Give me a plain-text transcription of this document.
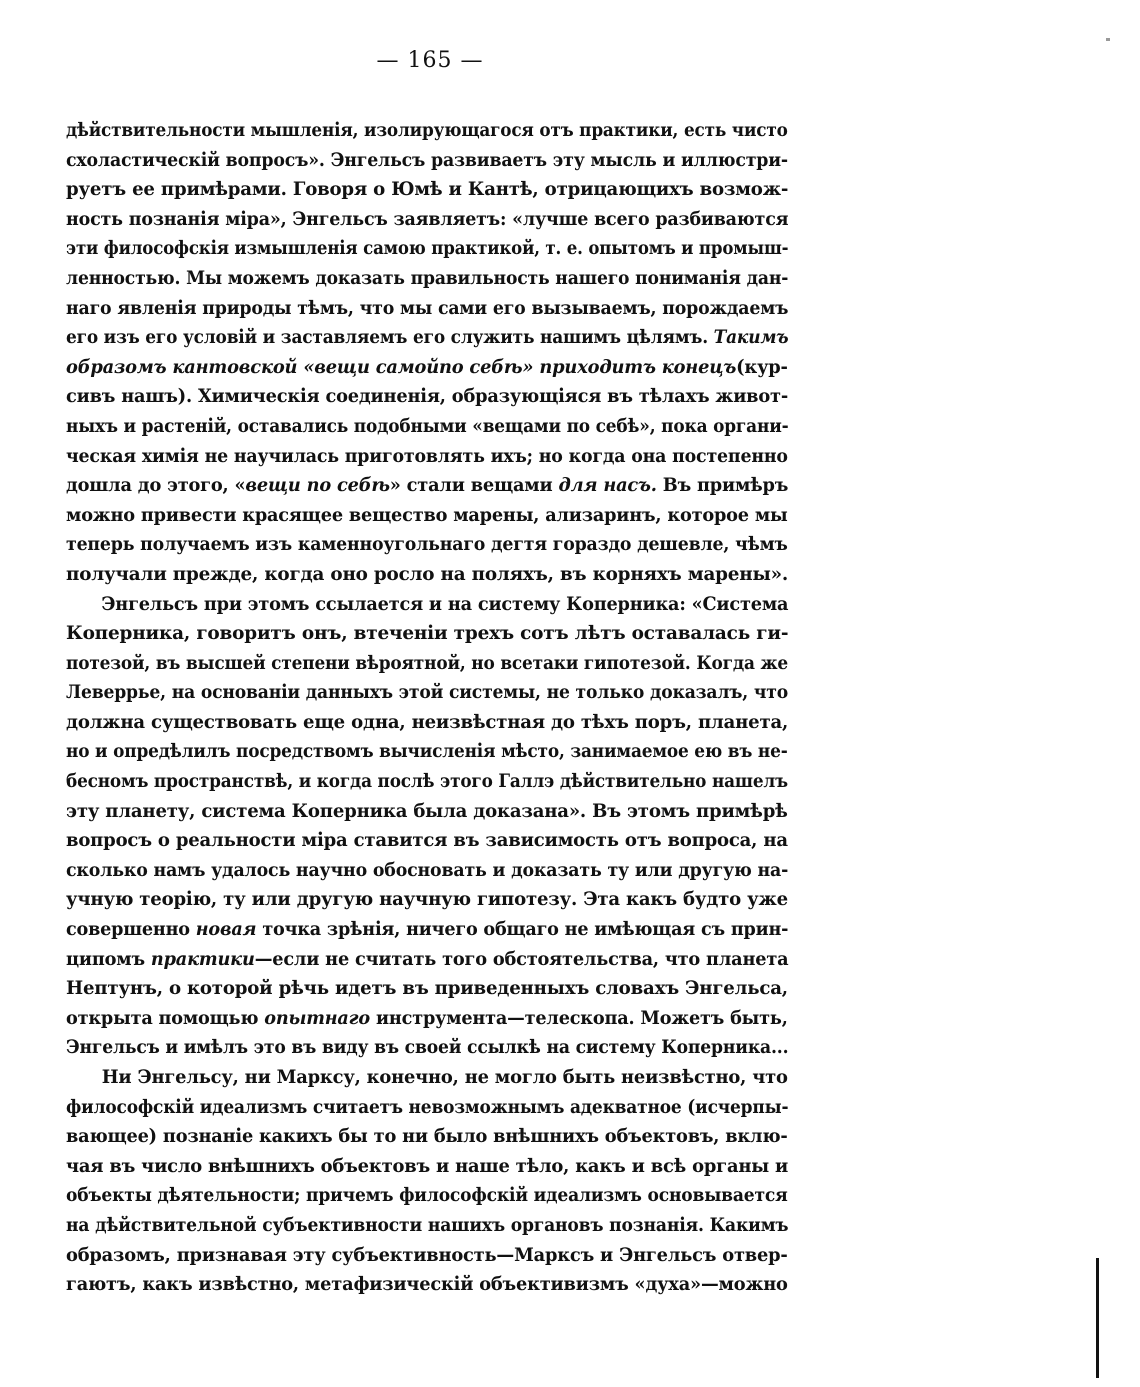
— 165 —
дѣйствительности мышленія, изолирующагося отъ практики, есть чисто
схоластическій вопросъ». Энгельсъ развиваетъ эту мысль и иллюстри-
руетъ ее примѣрами. Говоря о Юмѣ и Кантѣ, отрицающихъ возмож-
ность познанія міра», Энгельсъ заявляетъ: «лучше всего разбиваются
эти философскія измышленія самою практикой, т. е. опытомъ и промыш-
ленностью. Мы можемъ доказать правильность нашего пониманія дан-
наго явленія природы тѣмъ, что мы сами его вызываемъ, порождаемъ
его изъ его условій и заставляемъ его служить нашимъ цѣлямъ. Такимъ
образомъ кантовской «вещи самойпо себѣ» приходитъ конецъ(кур-
сивъ нашъ). Химическія соединенія, образующіяся въ тѣлахъ живот-
ныхъ и растеній, оставались подобными «вещами по себѣ», пока органи-
ческая химія не научилась приготовлять ихъ; но когда она постепенно
дошла до этого, «вещи по себѣ» стали вещами для насъ. Въ примѣръ
можно привести красящее вещество марены, ализаринъ, которое мы
теперь получаемъ изъ каменноугольнаго дегтя гораздо дешевле, чѣмъ
получали прежде, когда оно росло на поляхъ, въ корняхъ марены».
Энгельсъ при этомъ ссылается и на систему Коперника: «Система
Коперника, говоритъ онъ, втеченіи трехъ сотъ лѣтъ оставалась ги-
потезой, въ высшей степени вѣроятной, но всетаки гипотезой. Когда же
Леверрье, на основаніи данныхъ этой системы, не только доказалъ, что
должна существовать еще одна, неизвѣстная до тѣхъ поръ, планета,
но и опредѣлилъ посредствомъ вычисленія мѣсто, занимаемое ею въ не-
бесномъ пространствѣ, и когда послѣ этого Галлэ дѣйствительно нашелъ
эту планету, система Коперника была доказана». Въ этомъ примѣрѣ
вопросъ о реальности міра ставится въ зависимость отъ вопроса, на
сколько намъ удалось научно обосновать и доказать ту или другую на-
учную теорію, ту или другую научную гипотезу. Эта какъ будто уже
совершенно новая точка зрѣнія, ничего общаго не имѣющая съ прин-
ципомъ практики—если не считать того обстоятельства, что планета
Нептунъ, о которой рѣчь идетъ въ приведенныхъ словахъ Энгельса,
открыта помощью опытнаго инструмента—телескопа. Можетъ быть,
Энгельсъ и имѣлъ это въ виду въ своей ссылкѣ на систему Коперника...
Ни Энгельсу, ни Марксу, конечно, не могло быть неизвѣстно, что
философскій идеализмъ считаетъ невозможнымъ адекватное (исчерпы-
вающее) познаніе какихъ бы то ни было внѣшнихъ объектовъ, вклю-
чая въ число внѣшнихъ объектовъ и наше тѣло, какъ и всѣ органы и
объекты дѣятельности; причемъ философскій идеализмъ основывается
на дѣйствительной субъективности нашихъ органовъ познанія. Какимъ
образомъ, признавая эту субъективность—Марксъ и Энгельсъ отвер-
гаютъ, какъ извѣстно, метафизическій объективизмъ «духа»—можно
